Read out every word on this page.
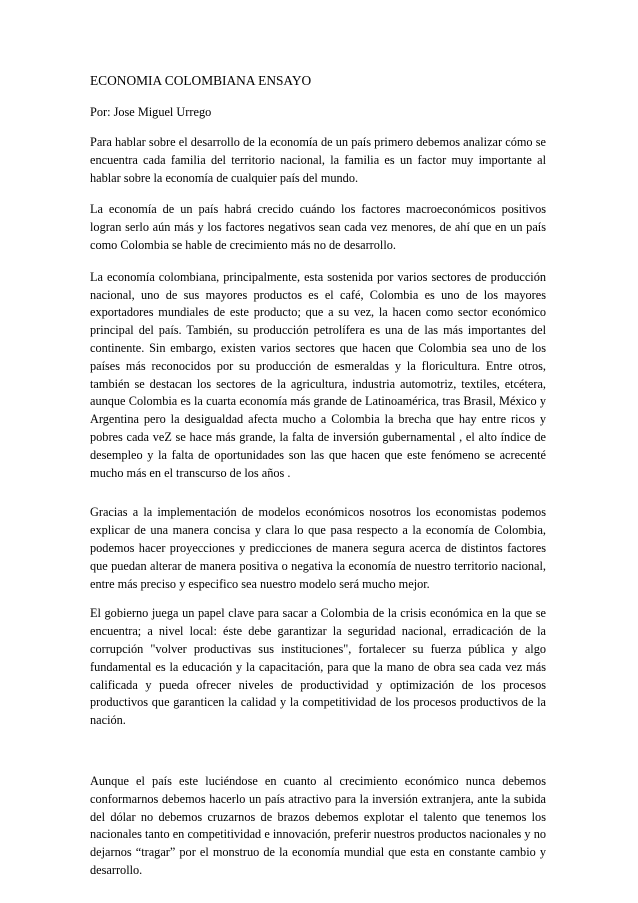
ECONOMIA COLOMBIANA ENSAYO
Por: Jose Miguel Urrego

Para hablar sobre el desarrollo de la economía de un país primero debemos analizar cómo se encuentra cada familia del territorio nacional, la familia es un factor muy importante al hablar sobre la economía de cualquier país del mundo.

La economía de un país habrá crecido cuándo los factores macroeconómicos positivos logran serlo aún más y los factores negativos sean cada vez menores, de ahí que en un país como Colombia se hable de crecimiento más no de desarrollo.

La economía colombiana, principalmente, esta sostenida por varios sectores de producción nacional, uno de sus mayores productos es el café, Colombia es uno de los mayores exportadores mundiales de este producto; que a su vez, la hacen como sector económico principal del país. También, su producción petrolífera es una de las más importantes del continente. Sin embargo, existen varios sectores que hacen que Colombia sea uno de los países más reconocidos por su producción de esmeraldas y la floricultura. Entre otros, también se destacan los sectores de la agricultura, industria automotriz, textiles, etcétera, aunque Colombia es la cuarta economía más grande de Latinoamérica, tras Brasil, México y Argentina pero la desigualdad afecta mucho a Colombia la brecha que hay entre ricos y pobres cada veZ se hace más grande, la falta de inversión gubernamental , el alto índice de desempleo y la falta de oportunidades son las que hacen que este fenómeno se acrecenté mucho más en el transcurso de los años .

Gracias a la implementación de modelos económicos nosotros los economistas podemos explicar de una manera concisa y clara lo que pasa respecto a la economía de Colombia, podemos hacer proyecciones y predicciones de manera segura acerca de distintos factores que puedan alterar de manera positiva o negativa la economía de nuestro territorio nacional, entre más preciso y especifico sea nuestro modelo será mucho mejor.

El gobierno juega un papel clave para sacar a Colombia de la crisis económica en la que se encuentra; a nivel local: éste debe garantizar la seguridad nacional, erradicación de la corrupción "volver productivas sus instituciones", fortalecer su fuerza pública y algo fundamental es la educación y la capacitación, para que la mano de obra sea cada vez más calificada y pueda ofrecer niveles de productividad y optimización de los procesos productivos que garanticen la calidad y la competitividad de los procesos productivos de la nación.

Aunque el país este luciéndose en cuanto al crecimiento económico nunca debemos conformarnos debemos hacerlo un país atractivo para la inversión extranjera, ante la subida del dólar no debemos cruzarnos de brazos debemos explotar el talento que tenemos los nacionales tanto en competitividad e innovación, preferir nuestros productos nacionales y no dejarnos “tragar” por el monstruo de la economía mundial que esta en constante cambio y desarrollo.
